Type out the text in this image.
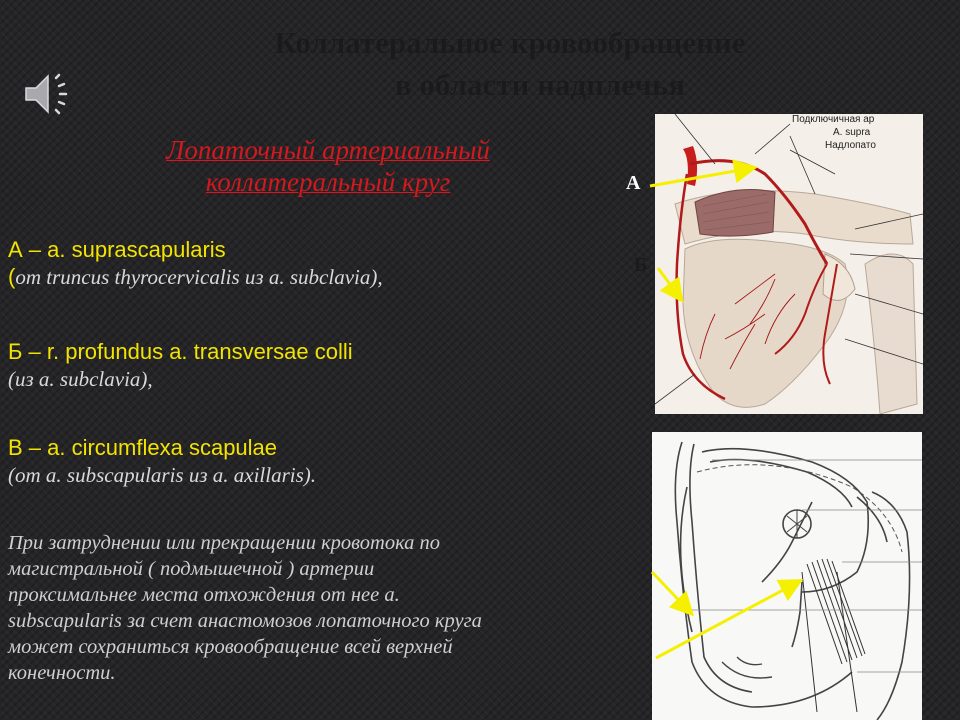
Коллатеральное кровообращение
в области надплечья
Лопаточный артериальный
коллатеральный круг
А – a. suprascapularis
(от truncus thyrocervicalis из а. subclavia),
Б – r. profundus a. transversae colli
(из a. subclavia),
В – a. circumflexa scapulae
(от a. subscapularis из а. axillaris).
При затруднении или прекращении кровотока по
магистральной ( подмышечной ) артерии
проксимальнее места отхождения от нее а.
subscapularis за счет анастомозов лопаточного круга
может сохраниться кровообращение всей верхней
конечности.
Подключичная ар
A. supra
Надлопато
А
Б
